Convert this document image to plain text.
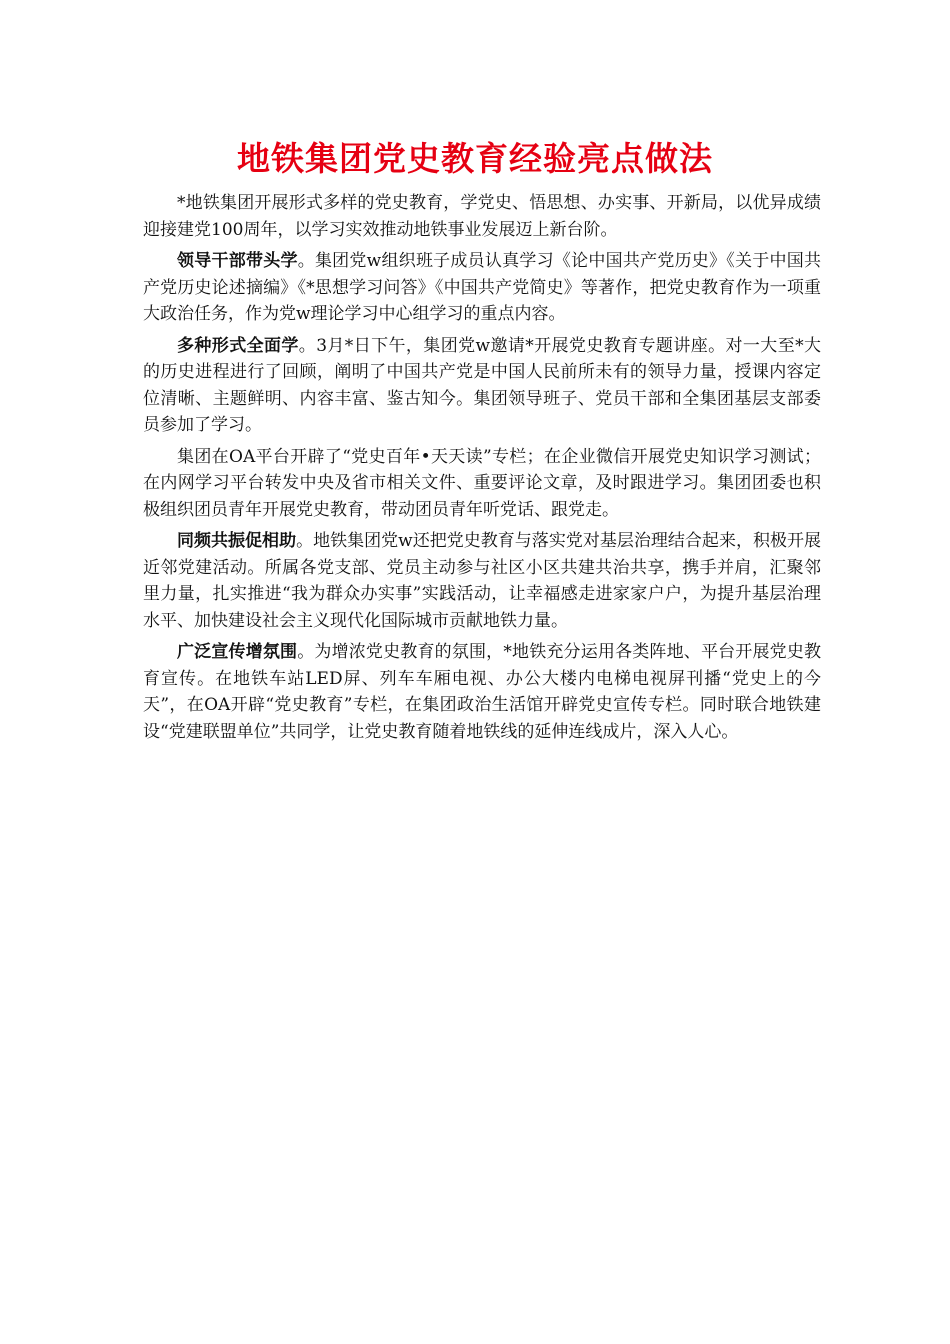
地铁集团党史教育经验亮点做法

*地铁集团开展形式多样的党史教育，学党史、悟思想、办实事、开新局，以优异成绩迎接建党100周年，以学习实效推动地铁事业发展迈上新台阶。

领导干部带头学。集团党w组织班子成员认真学习《论中国共产党历史》《关于中国共产党历史论述摘编》《*思想学习问答》《中国共产党简史》等著作，把党史教育作为一项重大政治任务，作为党w理论学习中心组学习的重点内容。

多种形式全面学。3月*日下午，集团党w邀请*开展党史教育专题讲座。对一大至*大的历史进程进行了回顾，阐明了中国共产党是中国人民前所未有的领导力量，授课内容定位清晰、主题鲜明、内容丰富、鉴古知今。集团领导班子、党员干部和全集团基层支部委员参加了学习。

集团在OA平台开辟了“党史百年•天天读”专栏；在企业微信开展党史知识学习测试；在内网学习平台转发中央及省市相关文件、重要评论文章，及时跟进学习。集团团委也积极组织团员青年开展党史教育，带动团员青年听党话、跟党走。

同频共振促相助。地铁集团党w还把党史教育与落实党对基层治理结合起来，积极开展近邻党建活动。所属各党支部、党员主动参与社区小区共建共治共享，携手并肩，汇聚邻里力量，扎实推进“我为群众办实事”实践活动，让幸福感走进家家户户，为提升基层治理水平、加快建设社会主义现代化国际城市贡献地铁力量。

广泛宣传增氛围。为增浓党史教育的氛围，*地铁充分运用各类阵地、平台开展党史教育宣传。在地铁车站LED屏、列车车厢电视、办公大楼内电梯电视屏刊播“党史上的今天”，在OA开辟“党史教育”专栏，在集团政治生活馆开辟党史宣传专栏。同时联合地铁建设“党建联盟单位”共同学，让党史教育随着地铁线的延伸连线成片，深入人心。
